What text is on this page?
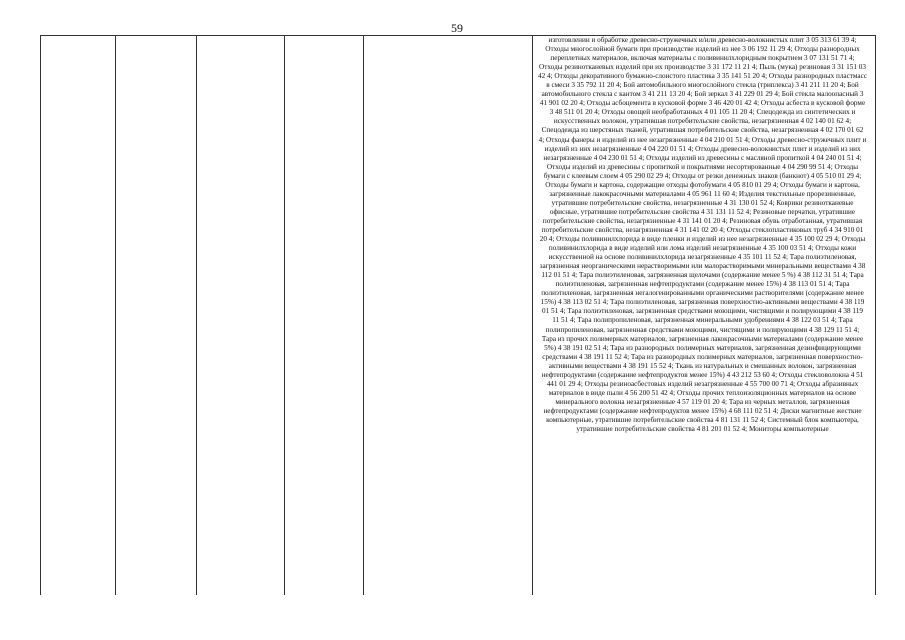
59

изготовлении и обработке древесно-стружечных и/или древесно-волокнистых плит 3 05 313 61 39 4; Отходы многослойной бумаги при производстве изделий из нее 3 06 192 11 29 4; Отходы разнородных переплетных материалов, включая материалы с поливинилхлоридным покрытием 3 07 131 51 71 4; Отходы резинотканевых изделий при их производстве 3 31 172 11 21 4; Пыль (мука) резиновая 3 31 151 03 42 4; Отходы декоративного бумажно-слоистого пластика 3 35 141 51 20 4; Отходы разнородных пластмасс в смеси 3 35 792 11 20 4; Бой автомобильного многослойного стекла (триплекса) 3 41 211 11 20 4; Бой автомобильного стекла с кантом 3 41 211 13 20 4; Бой зеркал 3 41 229 01 29 4; Бой стекла малоопасный 3 41 901 02 20 4; Отходы асбоцемента в кусковой форме 3 46 420 01 42 4; Отходы асбеста в кусковой форме 3 48 511 01 20 4; Отходы овощей необработанных 4 01 105 11 20 4; Спецодежда из синтетических и искусственных волокон, утратившая потребительские свойства, незагрязненная 4 02 140 01 62 4; Спецодежда из шерстяных тканей, утратившая потребительские свойства, незагрязненная 4 02 170 01 62 4; Отходы фанеры и изделий из нее незагрязненные 4 04 210 01 51 4; Отходы древесно-стружечных плит и изделий из них незагрязненные 4 04 220 01 51 4; Отходы древесно-волокнистых плит и изделий из них незагрязненные 4 04 230 01 51 4; Отходы изделий из древесины с масляной пропиткой 4 04 240 01 51 4; Отходы изделий из древесины с пропиткой и покрытиями несортированные 4 04 290 99 51 4; Отходы бумаги с клеевым слоем 4 05 290 02 29 4; Отходы от резки денежных знаков (банкнот) 4 05 510 01 29 4; Отходы бумаги и картона, содержащие отходы фотобумаги 4 05 810 01 29 4; Отходы бумаги и картона, загрязненные лакокрасочными материалами 4 05 961 11 60 4; Изделия текстильные прорезиненные, утратившие потребительские свойства, незагрязненные 4 31 130 01 52 4; Коврики резинотканевые офисные, утратившие потребительские свойства 4 31 131 11 52 4; Резиновые перчатки, утратившие потребительские свойства, незагрязненные 4 31 141 01 20 4; Резиновая обувь отработанная, утратившая потребительские свойства, незагрязненная 4 31 141 02 20 4; Отходы стеклопластиковых труб 4 34 910 01 20 4; Отходы поливинилхлорида в виде пленки и изделий из нее незагрязненные 4 35 100 02 29 4; Отходы поливинилхлорида в виде изделий или лома изделий незагрязненные 4 35 100 03 51 4; Отходы кожи искусственной на основе поливинилхлорида незагрязненные 4 35 101 11 52 4; Тара полиэтиленовая, загрязненная неорганическими нерастворимыми или малорастворимыми минеральными веществами 4 38 112 01 51 4; Тара полиэтиленовая, загрязненная щелочами (содержание менее 5 %) 4 38 112 31 51 4; Тара полиэтиленовая, загрязненная нефтепродуктами (содержание менее 15%) 4 38 113 01 51 4; Тара полиэтиленовая, загрязненная негалогенированными органическими растворителями (содержание менее 15%) 4 38 113 02 51 4; Тара полиэтиленовая, загрязненная поверхностно-активными веществами 4 38 119 01 51 4; Тара полиэтиленовая, загрязненная средствами моющими, чистящими и полирующими 4 38 119 11 51 4; Тара полипропиленовая, загрязненная минеральными удобрениями 4 38 122 03 51 4; Тара полипропиленовая, загрязненная средствами моющими, чистящими и полирующими 4 38 129 11 51 4; Тара из прочих полимерных материалов, загрязненная лакокрасочными материалами (содержание менее 5%) 4 38 191 02 51 4; Тара из разнородных полимерных материалов, загрязненная дезинфицирующими средствами 4 38 191 11 52 4; Тара из разнородных полимерных материалов, загрязненная поверхностно-активными веществами 4 38 191 15 52 4; Ткань из натуральных и смешанных волокон, загрязненная нефтепродуктами (содержание нефтепродуктов менее 15%) 4 43 212 53 60 4; Отходы стекловолокна 4 51 441 01 29 4; Отходы резиноасбестовых изделий незагрязненные 4 55 700 00 71 4; Отходы абразивных материалов в виде пыли 4 56 200 51 42 4; Отходы прочих теплоизоляционных материалов на основе минерального волокна незагрязненные 4 57 119 01 20 4; Тара из черных металлов, загрязненная нефтепродуктами (содержание нефтепродуктов менее 15%) 4 68 111 02 51 4; Диски магнитные жесткие компьютерные, утратившие потребительские свойства 4 81 131 11 52 4; Системный блок компьютера, утратившие потребительские свойства 4 81 201 01 52 4; Мониторы компьютерные
